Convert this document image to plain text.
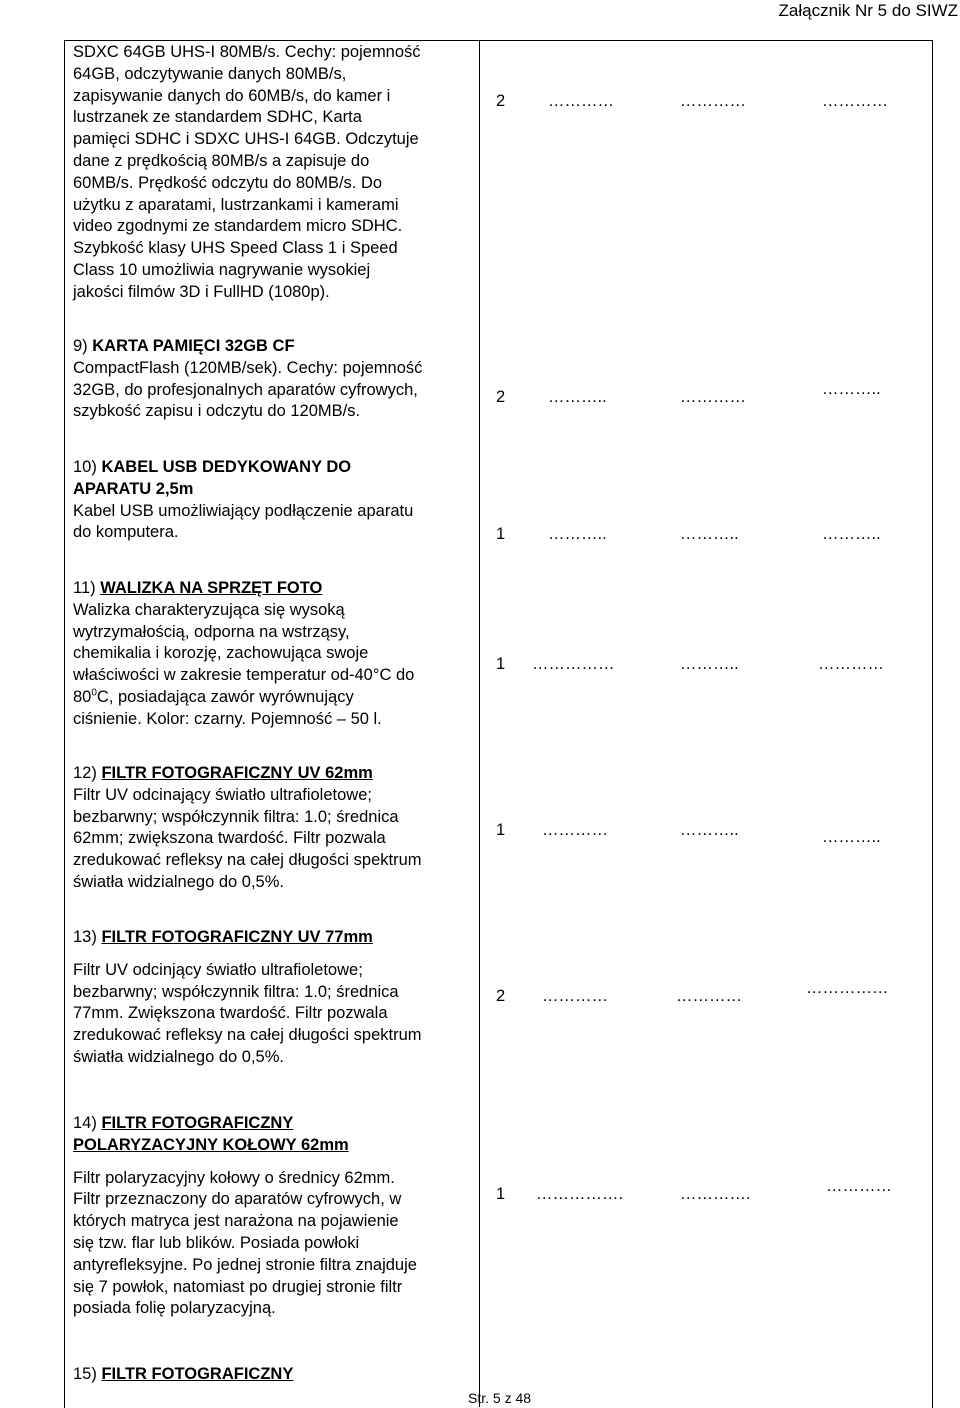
Załącznik Nr 5 do SIWZ

SDXC 64GB UHS-I 80MB/s. Cechy: pojemność

64GB, odczytywanie danych 80MB/s,

zapisywanie danych do 60MB/s, do kamer i

lustrzanek ze standardem SDHC, Karta

pamięci SDHC i SDXC UHS-I 64GB. Odczytuje

dane z prędkością 80MB/s a zapisuje do

60MB/s. Prędkość odczytu do 80MB/s. Do

użytku z aparatami, lustrzankami i kamerami

video zgodnymi ze standardem micro SDHC.

Szybkość klasy UHS Speed Class 1 i Speed

Class 10 umożliwia nagrywanie wysokiej

jakości filmów 3D i FullHD (1080p).

2	…………	…………	…………

9) KARTA PAMIĘCI 32GB CF

CompactFlash (120MB/sek). Cechy: pojemność

32GB, do profesjonalnych aparatów cyfrowych,

szybkość zapisu i odczytu do 120MB/s.

2	………..	…………	………..

10) KABEL USB DEDYKOWANY DO

APARATU 2,5m

Kabel USB umożliwiający podłączenie aparatu

do komputera.	1	………..	………..	………..

11) WALIZKA NA SPRZĘT FOTO

Walizka charakteryzująca się wysoką

wytrzymałością, odporna na wstrząsy,

chemikalia i korozję, zachowująca swoje

właściwości w zakresie temperatur od-40°C do

$80^0C$, posiadająca zawór wyrównujący

ciśnienie. Kolor: czarny. Pojemność – 50 l.

1 ……………	………..	…………

12) FILTR FOTOGRAFICZNY UV 62mm

Filtr UV odcinający światło ultrafioletowe;

bezbarwny; współczynnik filtra: 1.0; średnica

62mm; zwiększona twardość. Filtr pozwala

zredukować refleksy na całej długości spektrum

światła widzialnego do 0,5%.

1 …………	………..	………..

13) FILTR FOTOGRAFICZNY UV 77mm

Filtr UV odcinjący światło ultrafioletowe;

bezbarwny; współczynnik filtra: 1.0; średnica

77mm. Zwiększona twardość. Filtr pozwala

zredukować refleksy na całej długości spektrum

światła widzialnego do 0,5%.

2 …………	…………	……………

14) FILTR FOTOGRAFICZNY

POLARYZACYJNY KOŁOWY 62mm

Filtr polaryzacyjny kołowy o średnicy 62mm.

Filtr przeznaczony do aparatów cyfrowych, w

których matryca jest narażona na pojawienie

się tzw. flar lub blików. Posiada powłoki

antyrefleksyjne. Po jednej stronie filtra znajduje

się 7 powłok, natomiast po drugiej stronie filtr

posiada folię polaryzacyjną.

1 …………….	………….	…………

15) FILTR FOTOGRAFICZNY

Str. 5 z 48
